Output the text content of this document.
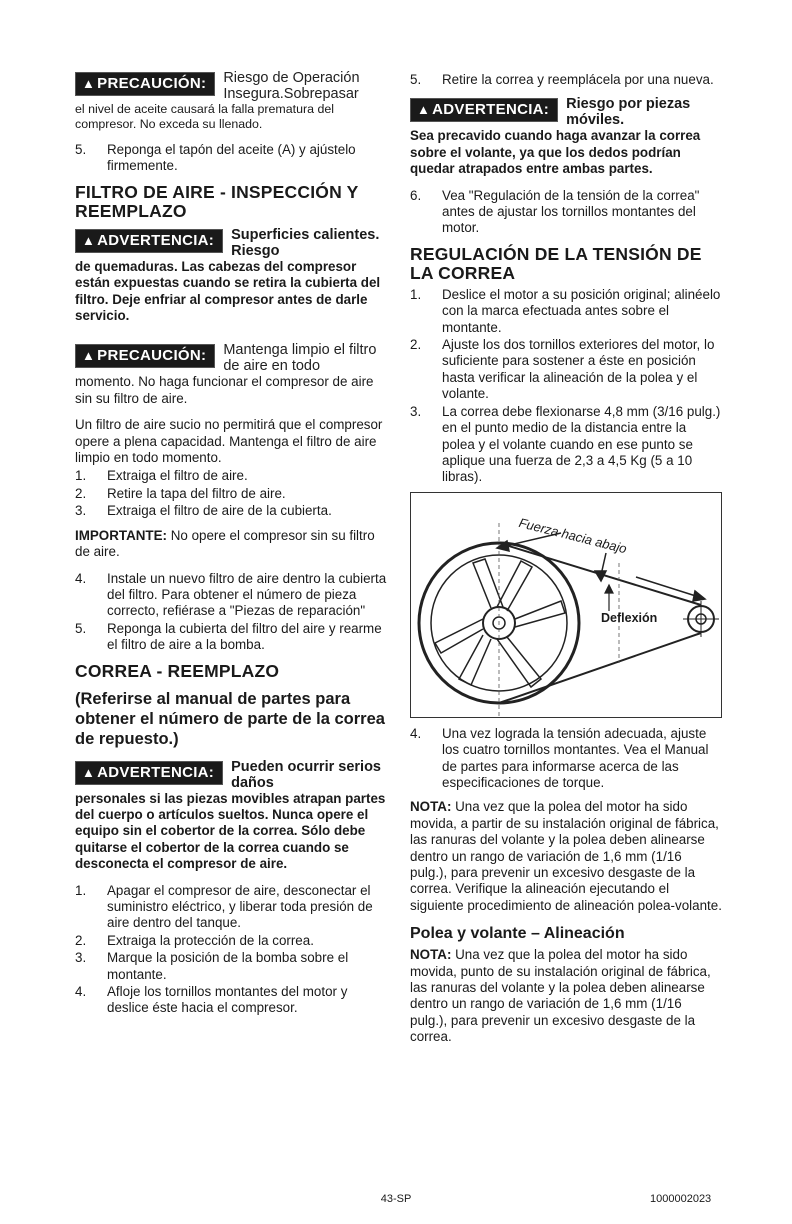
▲ PRECAUCIÓN:	Riesgo de Operación Insegura.Sobrepasar

el nivel de aceite causará la falla prematura del compresor. No exceda su llenado.

5.	Reponga el tapón del aceite (A) y ajústelo firmemente.
FILTRO DE AIRE - INSPECCIÓN Y REEMPLAZO
▲ ADVERTENCIA:	Superficies calientes. Riesgo

de quemaduras. Las cabezas del compresor están expuestas cuando se retira la cubierta del filtro. Deje enfriar al compresor antes de darle servicio.

▲ PRECAUCIÓN:	Mantenga limpio el filtro de aire en todo

momento. No haga funcionar el compresor de aire sin su filtro de aire.

Un filtro de aire sucio no permitirá que el compresor opere a plena capacidad. Mantenga el filtro de aire limpio en todo momento.

1.	Extraiga el filtro de aire.
2.	Retire la tapa del filtro de aire.
3.	Extraiga el filtro de aire de la cubierta.

IMPORTANTE: No opere el compresor sin su filtro de aire.

4.	Instale un nuevo filtro de aire dentro la cubierta del filtro. Para obtener el número de pieza correcto, refiérase a "Piezas de reparación"
5.	Reponga la cubierta del filtro del aire y rearme el filtro de aire a la bomba.
CORREA - REEMPLAZO
(Referirse al manual de partes para obtener el número de parte de la correa de repuesto.)
▲ ADVERTENCIA:	Pueden ocurrir serios daños

personales si las piezas movibles atrapan partes del cuerpo o artículos sueltos. Nunca opere el equipo sin el cobertor de la correa. Sólo debe quitarse el cobertor de la correa cuando se desconecta el compresor de aire.

1.	Apagar el compresor de aire, desconectar el suministro eléctrico, y liberar toda presión de aire dentro del tanque.
2.	Extraiga la protección de la correa.
3.	Marque la posición de la bomba sobre el montante.
4.	Afloje los tornillos montantes del motor y deslice éste hacia el compresor.
5.	Retire la correa y reemplácela por una nueva.
▲ ADVERTENCIA:	Riesgo por piezas móviles.

Sea precavido cuando haga avanzar la correa sobre el volante, ya que los dedos podrían quedar atrapados entre ambas partes.

6.	Vea "Regulación de la tensión de la correa" antes de ajustar los tornillos montantes del motor.
REGULACIÓN DE LA TENSIÓN DE LA CORREA
1.	Deslice el motor a su posición original; alinéelo con la marca efectuada antes sobre el montante.
2.	Ajuste los dos tornillos exteriores del motor, lo suficiente para sostener a éste en posición hasta verificar la alineación de la polea y el volante.
3.	La correa debe flexionarse 4,8 mm (3/16 pulg.) en el punto medio de la distancia entre la polea y el volante cuando en ese punto se aplique una fuerza de 2,3 a 4,5 Kg (5 a 10 libras).
Fuerza hacia abajo
Deflexión
4.	Una vez lograda la tensión adecuada, ajuste los cuatro tornillos montantes. Vea el Manual de partes para informarse acerca de las especificaciones de torque.

NOTA: Una vez que la polea del motor ha sido movida, a partir de su instalación original de fábrica, las ranuras del volante y la polea deben alinearse dentro un rango de variación de 1,6 mm (1/16 pulg.), para prevenir un excesivo desgaste de la correa. Verifique la alineación ejecutando el siguiente procedimiento de alineación polea-volante.

Polea y volante – Alineación

NOTA: Una vez que la polea del motor ha sido movida, punto de su instalación original de fábrica, las ranuras del volante y la polea deben alinearse dentro un rango de variación de 1,6 mm (1/16 pulg.), para prevenir un excesivo desgaste de la correa.

43-SP	1000002023
